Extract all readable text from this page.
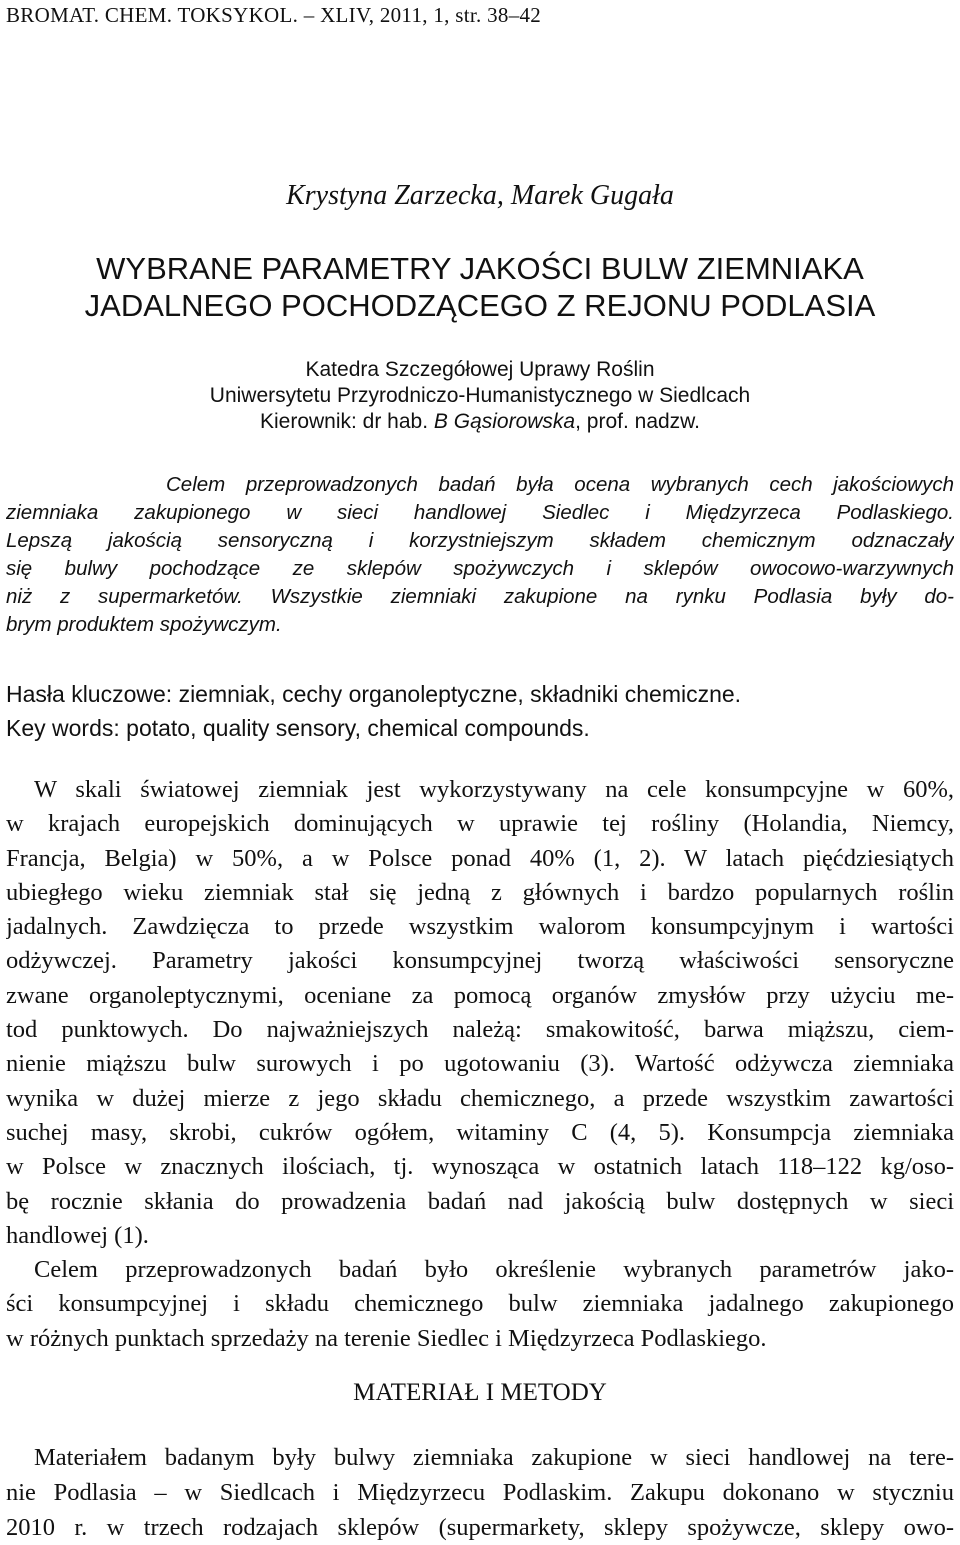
BROMAT. CHEM. TOKSYKOL. – XLIV, 2011, 1, str. 38–42
Krystyna Zarzecka, Marek Gugała
WYBRANE PARAMETRY JAKOŚCI BULW ZIEMNIAKA
JADALNEGO POCHODZĄCEGO Z REJONU PODLASIA
Katedra Szczegółowej Uprawy Roślin
Uniwersytetu Przyrodniczo-Humanistycznego w Siedlcach
Kierownik: dr hab. B Gąsiorowska, prof. nadzw.
Celem przeprowadzonych badań była ocena wybranych cech jakościowych
ziemniaka zakupionego w sieci handlowej Siedlec i Międzyrzeca Podlaskiego.
Lepszą jakością sensoryczną i korzystniejszym składem chemicznym odznaczały
się bulwy pochodzące ze sklepów spożywczych i sklepów owocowo-warzywnych
niż z supermarketów. Wszystkie ziemniaki zakupione na rynku Podlasia były do-
brym produktem spożywczym.
Hasła kluczowe: ziemniak, cechy organoleptyczne, składniki chemiczne.
Key words: potato, quality sensory, chemical compounds.
W skali światowej ziemniak jest wykorzystywany na cele konsumpcyjne w 60%,
w krajach europejskich dominujących w uprawie tej rośliny (Holandia, Niemcy,
Francja, Belgia) w 50%, a w Polsce ponad 40% (1, 2). W latach pięćdziesiątych
ubiegłego wieku ziemniak stał się jedną z głównych i bardzo popularnych roślin
jadalnych. Zawdzięcza to przede wszystkim walorom konsumpcyjnym i wartości
odżywczej. Parametry jakości konsumpcyjnej tworzą właściwości sensoryczne
zwane organoleptycznymi, oceniane za pomocą organów zmysłów przy użyciu me-
tod punktowych. Do najważniejszych należą: smakowitość, barwa miąższu, ciem-
nienie miąższu bulw surowych i po ugotowaniu (3). Wartość odżywcza ziemniaka
wynika w dużej mierze z jego składu chemicznego, a przede wszystkim zawartości
suchej masy, skrobi, cukrów ogółem, witaminy C (4, 5). Konsumpcja ziemniaka
w Polsce w znacznych ilościach, tj. wynosząca w ostatnich latach 118–122 kg/oso-
bę rocznie skłania do prowadzenia badań nad jakością bulw dostępnych w sieci
handlowej (1).
Celem przeprowadzonych badań było określenie wybranych parametrów jako-
ści konsumpcyjnej i składu chemicznego bulw ziemniaka jadalnego zakupionego
w różnych punktach sprzedaży na terenie Siedlec i Międzyrzeca Podlaskiego.
MATERIAŁ I METODY
Materiałem badanym były bulwy ziemniaka zakupione w sieci handlowej na tere-
nie Podlasia – w Siedlcach i Międzyrzecu Podlaskim. Zakupu dokonano w styczniu
2010 r. w trzech rodzajach sklepów (supermarkety, sklepy spożywcze, sklepy owo-
